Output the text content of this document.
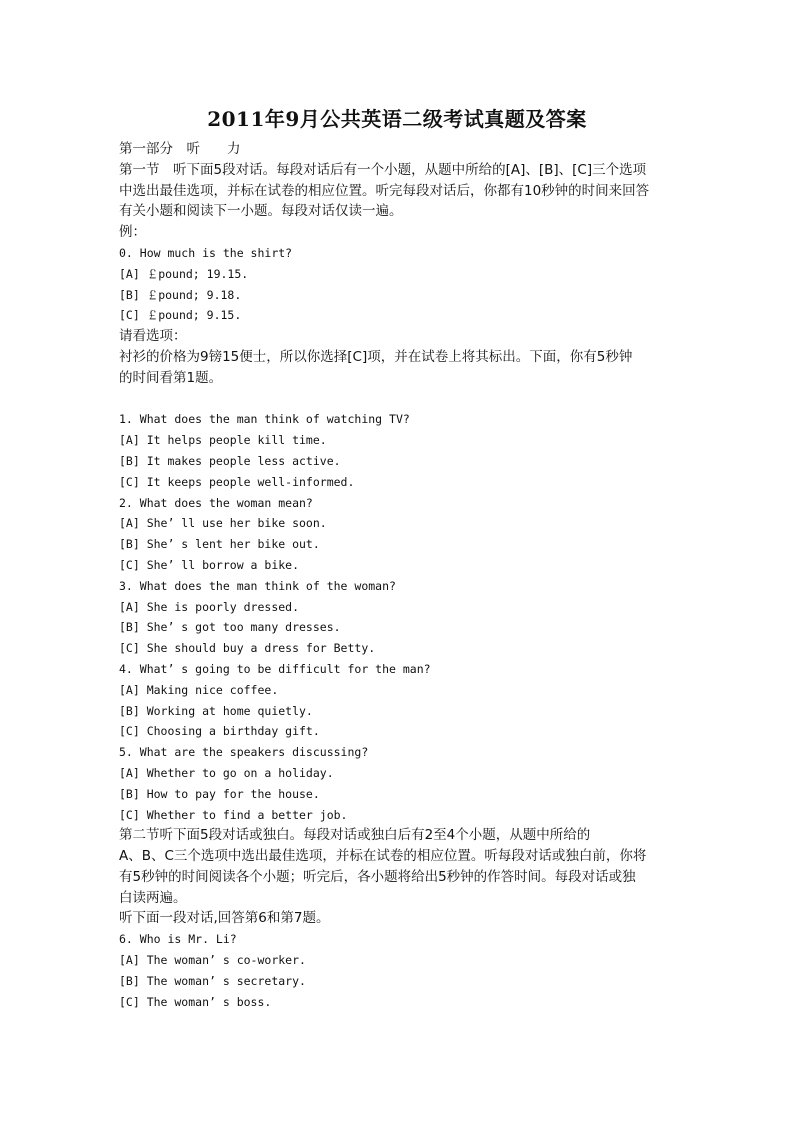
2011年9月公共英语二级考试真题及答案

第一部分　听　　力

第一节　听下面5段对话。每段对话后有一个小题，从题中所给的[A]、[B]、[C]三个选项

中选出最佳选项，并标在试卷的相应位置。听完每段对话后，你都有10秒钟的时间来回答

有关小题和阅读下一小题。每段对话仅读一遍。

例：

0. How much is the shirt?

[A] ￡pound; 19.15.

[B] ￡pound; 9.18.

[C] ￡pound; 9.15.

请看选项：

衬衫的价格为9镑15便士，所以你选择[C]项，并在试卷上将其标出。下面，你有5秒钟

的时间看第1题。

1. What does the man think of watching TV?

[A] It helps people kill time.

[B] It makes people less active.

[C] It keeps people well-informed.

2. What does the woman mean?

[A] She’ ll use her bike soon.

[B] She’ s lent her bike out.

[C] She’ ll borrow a bike.

3. What does the man think of the woman?

[A] She is poorly dressed.

[B] She’ s got too many dresses.

[C] She should buy a dress for Betty.

4. What’ s going to be difficult for the man?

[A] Making nice coffee.

[B] Working at home quietly.

[C] Choosing a birthday gift.

5. What are the speakers discussing?

[A] Whether to go on a holiday.

[B] How to pay for the house.

[C] Whether to find a better job.

第二节听下面5段对话或独白。每段对话或独白后有2至4个小题，从题中所给的

A、B、C三个选项中选出最佳选项，并标在试卷的相应位置。听每段对话或独白前，你将

有5秒钟的时间阅读各个小题；听完后，各小题将给出5秒钟的作答时间。每段对话或独

白读两遍。

听下面一段对话,回答第6和第7题。

6. Who is Mr. Li?

[A] The woman’ s co-worker.

[B] The woman’ s secretary.

[C] The woman’ s boss.
